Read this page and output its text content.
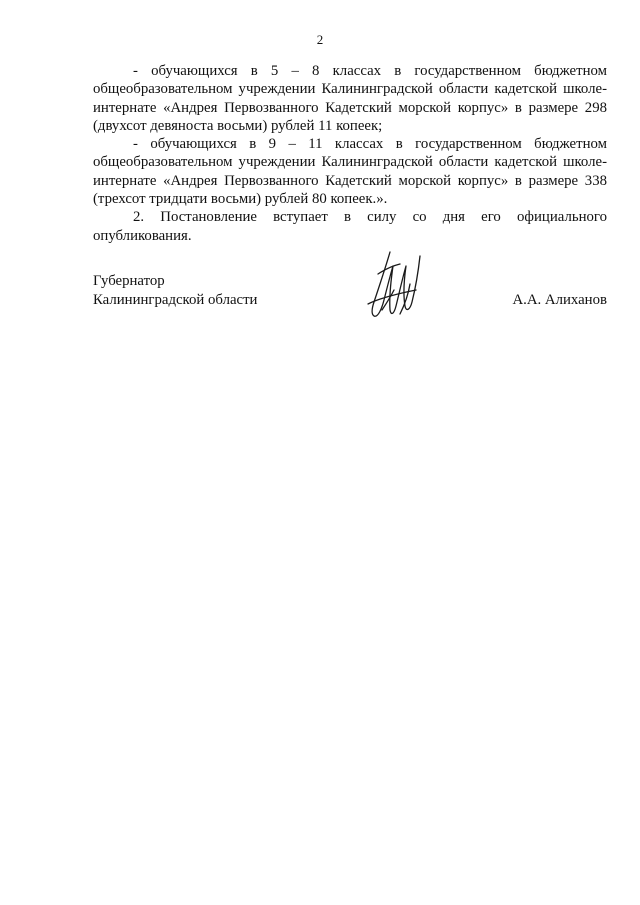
2

- обучающихся в 5 – 8 классах в государственном бюджетном общеобразовательном учреждении Калининградской области кадетской школе-интернате «Андрея Первозванного Кадетский морской корпус» в размере 298 (двухсот девяноста восьми) рублей 11 копеек;

- обучающихся в 9 – 11 классах в государственном бюджетном общеобразовательном учреждении Калининградской области кадетской школе-интернате «Андрея Первозванного Кадетский морской корпус» в размере 338 (трехсот тридцати восьми) рублей 80 копеек.».

2. Постановление вступает в силу со дня его официального опубликования.

Губернатор
Калининградской области	А.А. Алиханов
